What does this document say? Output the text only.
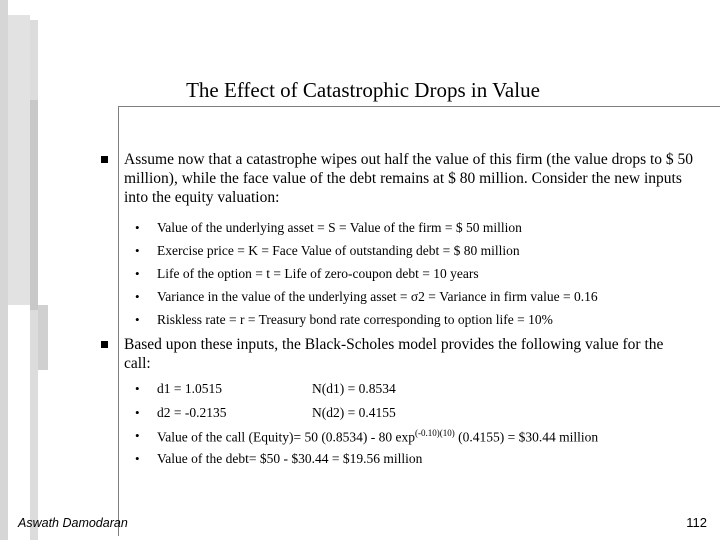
The Effect of Catastrophic Drops in Value
Assume now that a catastrophe wipes out half the value of this firm (the value drops to $ 50 million), while the face value of the debt remains at $ 80 million. Consider the new inputs into the equity valuation:
• Value of the underlying asset = S = Value of the firm = $ 50 million
• Exercise price = K = Face Value of outstanding debt = $ 80 million
• Life of the option = t = Life of zero-coupon debt = 10 years
• Variance in the value of the underlying asset = σ2 = Variance in firm value = 0.16
• Riskless rate = r = Treasury bond rate corresponding to option life = 10%
Based upon these inputs, the Black-Scholes model provides the following value for the call:
• d1 = 1.0515	N(d1) = 0.8534
• d2 = -0.2135	N(d2) = 0.4155
• Value of the call (Equity)= 50 (0.8534) - 80 $\exp^{(-0.10)(10)} (0.4155)$ = $30.44 million
• Value of the debt= $50 - $30.44 = $19.56 million
Aswath Damodaran	112
